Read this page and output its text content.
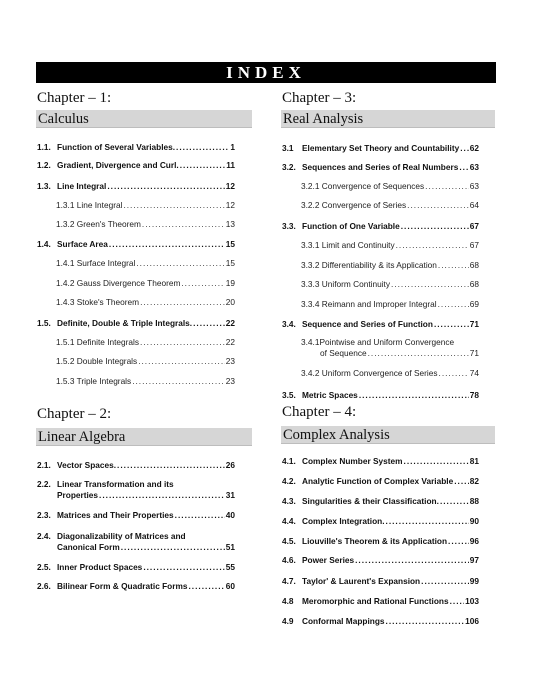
INDEX
Chapter – 1:
Calculus
1.1. Function of Several Variables. .....	1
1.2. Gradient, Divergence and Curl. .....	11
1.3. Line Integral .....	12
1.3.1 Line Integral .....	12
1.3.2 Green's Theorem .....	13
1.4. Surface Area .....	15
1.4.1 Surface Integral .....	15
1.4.2 Gauss Divergence Theorem .....	19
1.4.3 Stoke's Theorem .....	20
1.5. Definite, Double & Triple Integrals. .....	22
1.5.1 Definite Integrals .....	22
1.5.2 Double Integrals .....	23
1.5.3 Triple Integrals .....	23
Chapter – 2:
Linear Algebra
2.1. Vector Spaces. .....	26
2.2. Linear Transformation and its
Properties .....	31
2.3. Matrices and Their Properties .....	40
2.4. Diagonalizability of Matrices and
Canonical Form .....	51
2.5. Inner Product Spaces .....	55
2.6. Bilinear Form & Quadratic Forms .....	60
Chapter – 3:
Real Analysis
3.1	Elementary Set Theory and Countability ..... 62
3.2. Sequences and Series of Real Numbers ..... 63
3.2.1 Convergence of Sequences .....	63
3.2.2 Convergence of Series .....	64
3.3. Function of One Variable .....	67
3.3.1 Limit and Continuity .....	67
3.3.2 Differentiability & its Application .....	68
3.3.3 Uniform Continuity .....	68
3.3.4 Reimann and Improper Integral .....	69
3.4. Sequence and Series of Function .....	71
3.4.1Pointwise and Uniform Convergence
of Sequence .....	71
3.4.2 Uniform Convergence of Series .....	74
3.5. Metric Spaces .....	78
Chapter – 4:
Complex Analysis
4.1. Complex Number System .....	81
4.2. Analytic Function of Complex Variable ..... 82
4.3. Singularities & their Classification. .....	88
4.4. Complex Integration. .....	90
4.5. Liouville's Theorem & its Application .....	96
4.6. Power Series .....	97
4.7. Taylor' & Laurent's Expansion .....	99
4.8	Meromorphic and Rational Functions ..... 103
4.9	Conformal Mappings .....	106
